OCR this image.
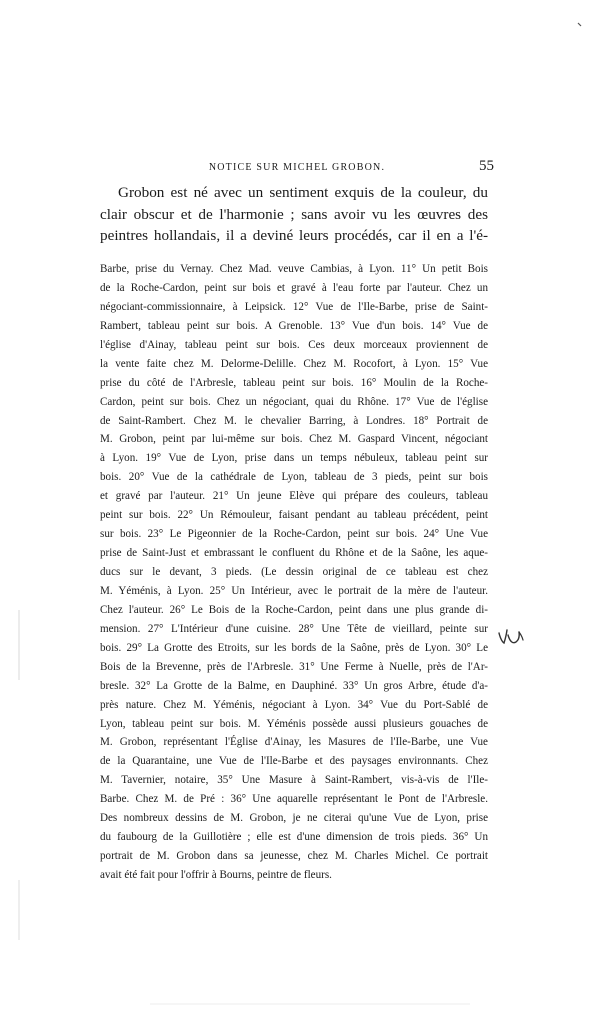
NOTICE SUR MICHEL GROBON.	55
Grobon est né avec un sentiment exquis de la couleur, du
clair obscur et de l'harmonie ; sans avoir vu les œuvres des
peintres hollandais, il a deviné leurs procédés, car il en a l'é-
Barbe, prise du Vernay. Chez Mad. veuve Cambias, à Lyon. 11° Un petit Bois
de la Roche-Cardon, peint sur bois et gravé à l'eau forte par l'auteur. Chez un
négociant-commissionnaire, à Leipsick. 12° Vue de l'Ile-Barbe, prise de Saint-
Rambert, tableau peint sur bois. A Grenoble. 13° Vue d'un bois. 14° Vue de
l'église d'Ainay, tableau peint sur bois. Ces deux morceaux proviennent de
la vente faite chez M. Delorme-Delille. Chez M. Rocofort, à Lyon. 15° Vue
prise du côté de l'Arbresle, tableau peint sur bois. 16° Moulin de la Roche-
Cardon, peint sur bois. Chez un négociant, quai du Rhône. 17° Vue de l'église
de Saint-Rambert. Chez M. le chevalier Barring, à Londres. 18° Portrait de
M. Grobon, peint par lui-même sur bois. Chez M. Gaspard Vincent, négociant
à Lyon. 19° Vue de Lyon, prise dans un temps nébuleux, tableau peint sur
bois. 20° Vue de la cathédrale de Lyon, tableau de 3 pieds, peint sur bois
et gravé par l'auteur. 21° Un jeune Elève qui prépare des couleurs, tableau
peint sur bois. 22° Un Rémouleur, faisant pendant au tableau précédent, peint
sur bois. 23° Le Pigeonnier de la Roche-Cardon, peint sur bois. 24° Une Vue
prise de Saint-Just et embrassant le confluent du Rhône et de la Saône, les aque-
ducs sur le devant, 3 pieds. (Le dessin original de ce tableau est chez
M. Yéménis, à Lyon. 25° Un Intérieur, avec le portrait de la mère de l'auteur.
Chez l'auteur. 26° Le Bois de la Roche-Cardon, peint dans une plus grande di-
mension. 27° L'Intérieur d'une cuisine. 28° Une Tête de vieillard, peinte sur
bois. 29° La Grotte des Etroits, sur les bords de la Saône, près de Lyon. 30° Le
Bois de la Brevenne, près de l'Arbresle. 31° Une Ferme à Nuelle, près de l'Ar-
bresle. 32° La Grotte de la Balme, en Dauphiné. 33° Un gros Arbre, étude d'a-
près nature. Chez M. Yéménis, négociant à Lyon. 34° Vue du Port-Sablé de
Lyon, tableau peint sur bois. M. Yéménis possède aussi plusieurs gouaches de
M. Grobon, représentant l'Église d'Ainay, les Masures de l'Ile-Barbe, une Vue
de la Quarantaine, une Vue de l'Ile-Barbe et des paysages environnants. Chez
M. Tavernier, notaire, 35° Une Masure à Saint-Rambert, vis-à-vis de l'Ile-
Barbe. Chez M. de Pré : 36° Une aquarelle représentant le Pont de l'Arbresle.
Des nombreux dessins de M. Grobon, je ne citerai qu'une Vue de Lyon, prise
du faubourg de la Guillotière ; elle est d'une dimension de trois pieds. 36° Un
portrait de M. Grobon dans sa jeunesse, chez M. Charles Michel. Ce portrait
avait été fait pour l'offrir à Bourns, peintre de fleurs.
